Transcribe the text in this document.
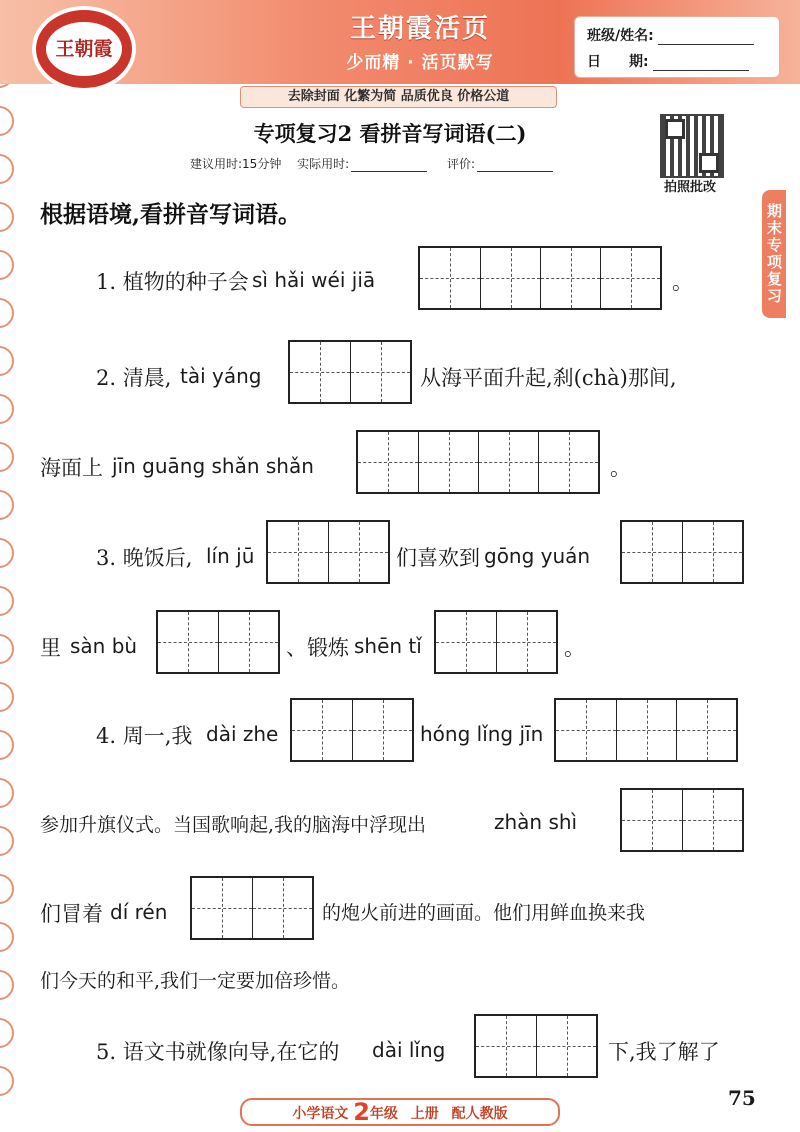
王朝霞
王朝霞活页
少而精 · 活页默写
去除封面 化繁为简 品质优良 价格公道
班级/姓名:
日　　期:
专项复习2 看拼音写词语(二)
建议用时:15分钟 实际用时:	评价:
拍照批改
期末专项复习
根据语境,看拼音写词语。
1. 植物的种子会 sì hǎi wéi jiā	。
2. 清晨, tài yáng	从海平面升起,刹(chà)那间,
海面上 jīn guāng shǎn shǎn	。
3. 晚饭后, lín jū	们喜欢到 gōng yuán
里 sàn bù	、锻炼 shēn tǐ	。
4. 周一,我 dài zhe	hóng lǐng jīn
参加升旗仪式。当国歌响起,我的脑海中浮现出	zhàn shì
们冒着 dí rén	的炮火前进的画面。他们用鲜血换来我
们今天的和平,我们一定要加倍珍惜。
5. 语文书就像向导,在它的 dài lǐng	下,我了解了
小学语文 2年级 上册 配人教版
75
